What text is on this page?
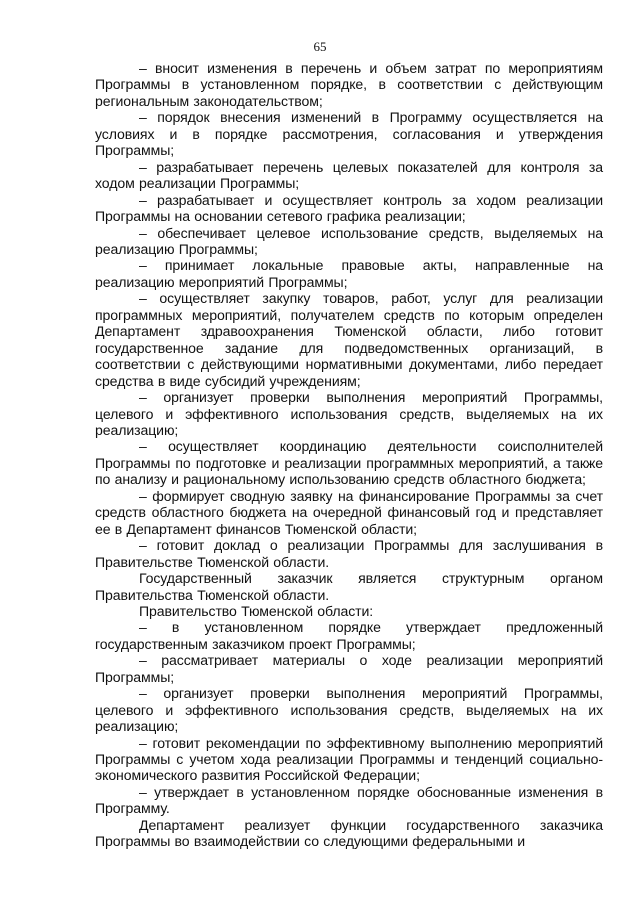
65

– вносит изменения в перечень и объем затрат по мероприятиям Программы в установленном порядке, в соответствии с действующим региональным законодательством;

– порядок внесения изменений в Программу осуществляется на условиях и в порядке рассмотрения, согласования и утверждения Программы;

– разрабатывает перечень целевых показателей для контроля за ходом реализации Программы;

– разрабатывает и осуществляет контроль за ходом реализации Программы на основании сетевого графика реализации;

– обеспечивает целевое использование средств, выделяемых на реализацию Программы;

– принимает локальные правовые акты, направленные на реализацию мероприятий Программы;

– осуществляет закупку товаров, работ, услуг для реализации программных мероприятий, получателем средств по которым определен Департамент здравоохранения Тюменской области, либо готовит государственное задание для подведомственных организаций, в соответствии с действующими нормативными документами, либо передает средства в виде субсидий учреждениям;

– организует проверки выполнения мероприятий Программы, целевого и эффективного использования средств, выделяемых на их реализацию;

– осуществляет координацию деятельности соисполнителей Программы по подготовке и реализации программных мероприятий, а также по анализу и рациональному использованию средств областного бюджета;

– формирует сводную заявку на финансирование Программы за счет средств областного бюджета на очередной финансовый год и представляет ее в Департамент финансов Тюменской области;

– готовит доклад о реализации Программы для заслушивания в Правительстве Тюменской области.

Государственный заказчик является структурным органом Правительства Тюменской области.

Правительство Тюменской области:

– в установленном порядке утверждает предложенный государственным заказчиком проект Программы;

– рассматривает материалы о ходе реализации мероприятий Программы;

– организует проверки выполнения мероприятий Программы, целевого и эффективного использования средств, выделяемых на их реализацию;

– готовит рекомендации по эффективному выполнению мероприятий Программы с учетом хода реализации Программы и тенденций социально-экономического развития Российской Федерации;

– утверждает в установленном порядке обоснованные изменения в Программу.

Департамент реализует функции государственного заказчика Программы во взаимодействии со следующими федеральными и
